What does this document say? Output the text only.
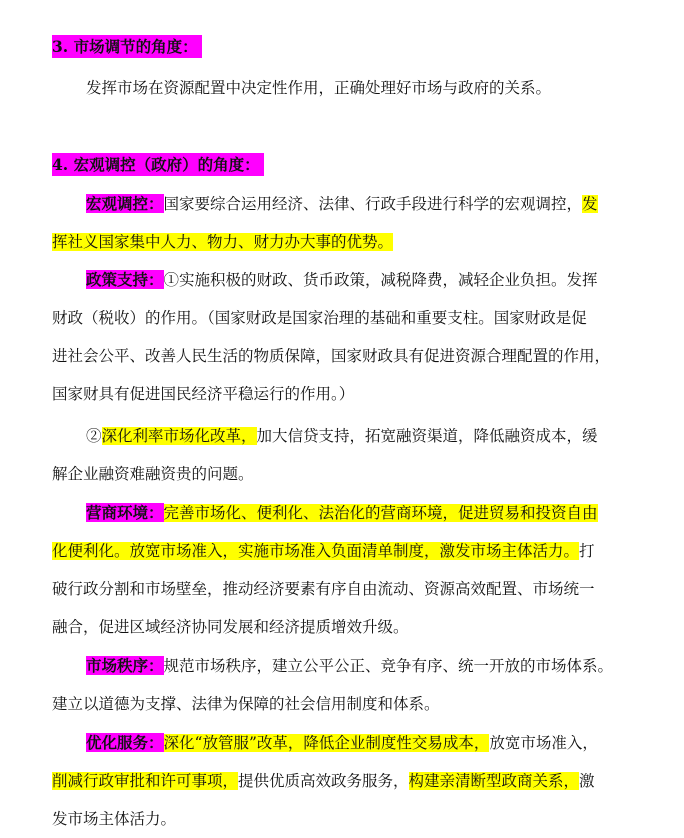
3. 市场调节的角度：
发挥市场在资源配置中决定性作用，正确处理好市场与政府的关系。
4. 宏观调控（政府）的角度：
宏观调控：国家要综合运用经济、法律、行政手段进行科学的宏观调控，发
挥社义国家集中人力、物力、财力办大事的优势。
政策支持：①实施积极的财政、货币政策，减税降费，减轻企业负担。发挥
财政（税收）的作用。（国家财政是国家治理的基础和重要支柱。国家财政是促
进社会公平、改善人民生活的物质保障，国家财政具有促进资源合理配置的作用，
国家财具有促进国民经济平稳运行的作用。）
②深化利率市场化改革，加大信贷支持，拓宽融资渠道，降低融资成本，缓
解企业融资难融资贵的问题。
营商环境：完善市场化、便利化、法治化的营商环境，促进贸易和投资自由
化便利化。放宽市场准入，实施市场准入负面清单制度，激发市场主体活力。打
破行政分割和市场壁垒，推动经济要素有序自由流动、资源高效配置、市场统一
融合，促进区域经济协同发展和经济提质增效升级。
市场秩序：规范市场秩序，建立公平公正、竞争有序、统一开放的市场体系。
建立以道德为支撑、法律为保障的社会信用制度和体系。
优化服务：深化“放管服”改革，降低企业制度性交易成本，放宽市场准入，
削减行政审批和许可事项，提供优质高效政务服务，构建亲清断型政商关系，激
发市场主体活力。
